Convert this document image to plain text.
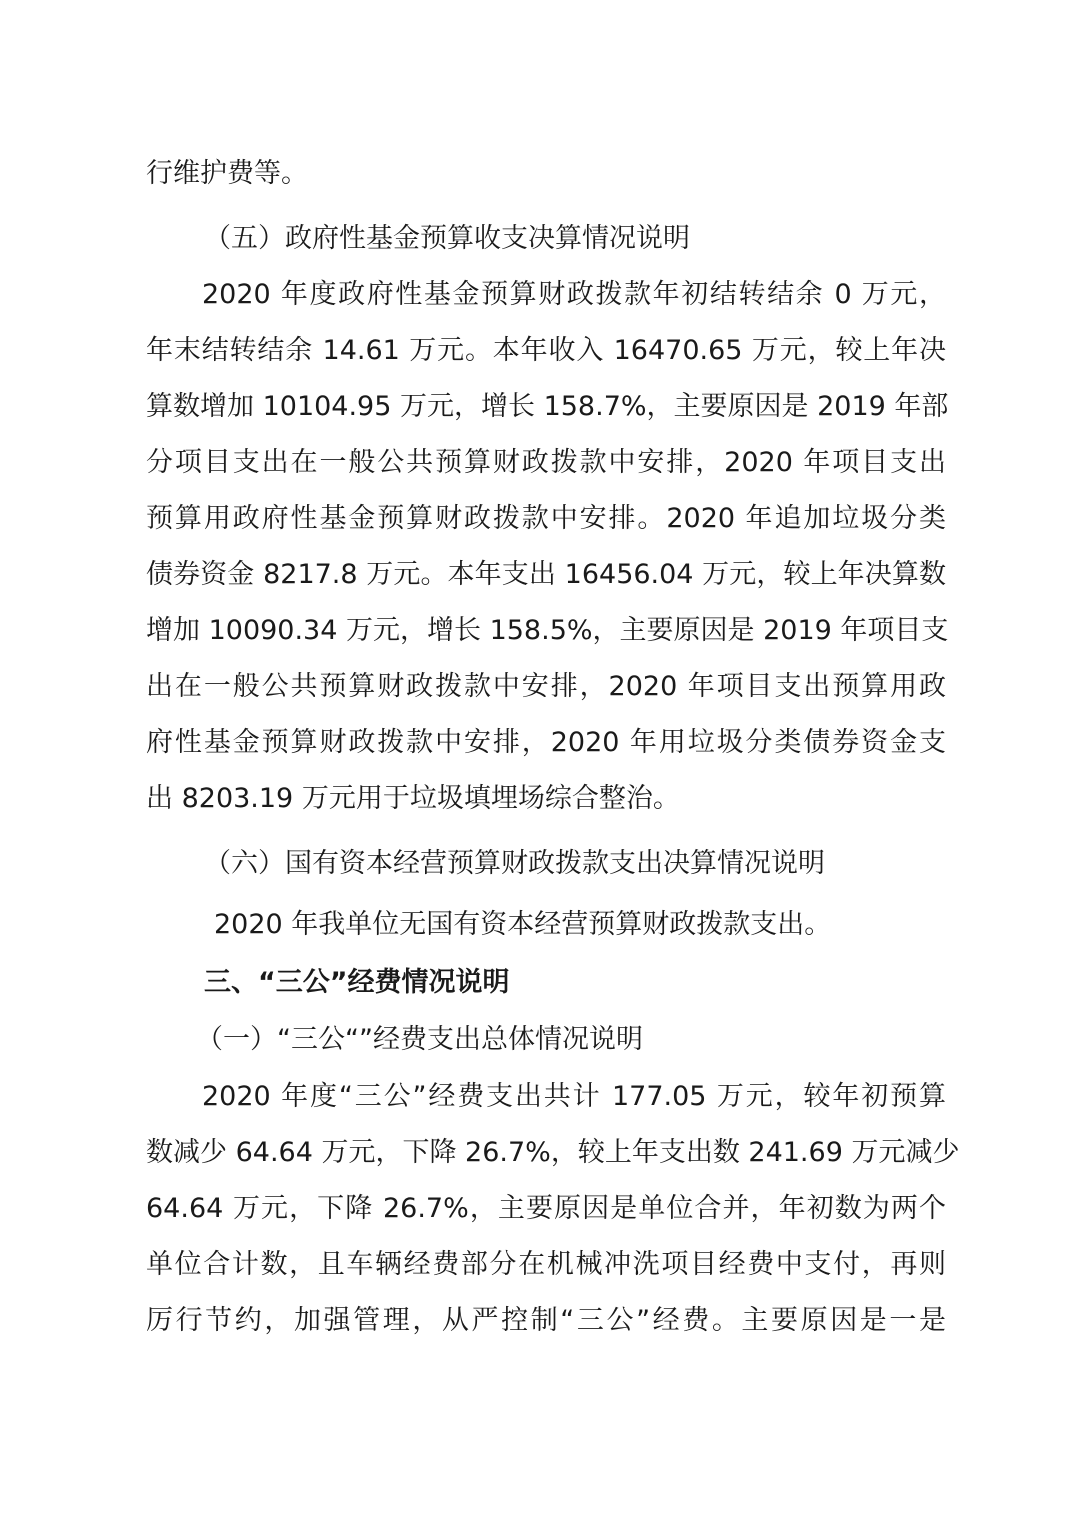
行维护费等。
（五）政府性基金预算收支决算情况说明
2020 年度政府性基金预算财政拨款年初结转结余 0 万元，
年末结转结余 14.61 万元。本年收入 16470.65 万元，较上年决
算数增加 10104.95 万元，增长 158.7%，主要原因是 2019 年部
分项目支出在一般公共预算财政拨款中安排，2020 年项目支出
预算用政府性基金预算财政拨款中安排。2020 年追加垃圾分类
债券资金 8217.8 万元。本年支出 16456.04 万元，较上年决算数
增加 10090.34 万元，增长 158.5%，主要原因是 2019 年项目支
出在一般公共预算财政拨款中安排，2020 年项目支出预算用政
府性基金预算财政拨款中安排，2020 年用垃圾分类债券资金支
出 8203.19 万元用于垃圾填埋场综合整治。
（六）国有资本经营预算财政拨款支出决算情况说明
2020 年我单位无国有资本经营预算财政拨款支出。
三、“三公”经费情况说明
（一）“三公“”经费支出总体情况说明
2020 年度“三公”经费支出共计 177.05 万元，较年初预算
数减少 64.64 万元，下降 26.7%，较上年支出数 241.69 万元减少
64.64 万元，下降 26.7%，主要原因是单位合并，年初数为两个
单位合计数，且车辆经费部分在机械冲洗项目经费中支付，再则
厉行节约，加强管理，从严控制“三公”经费。主要原因是一是
